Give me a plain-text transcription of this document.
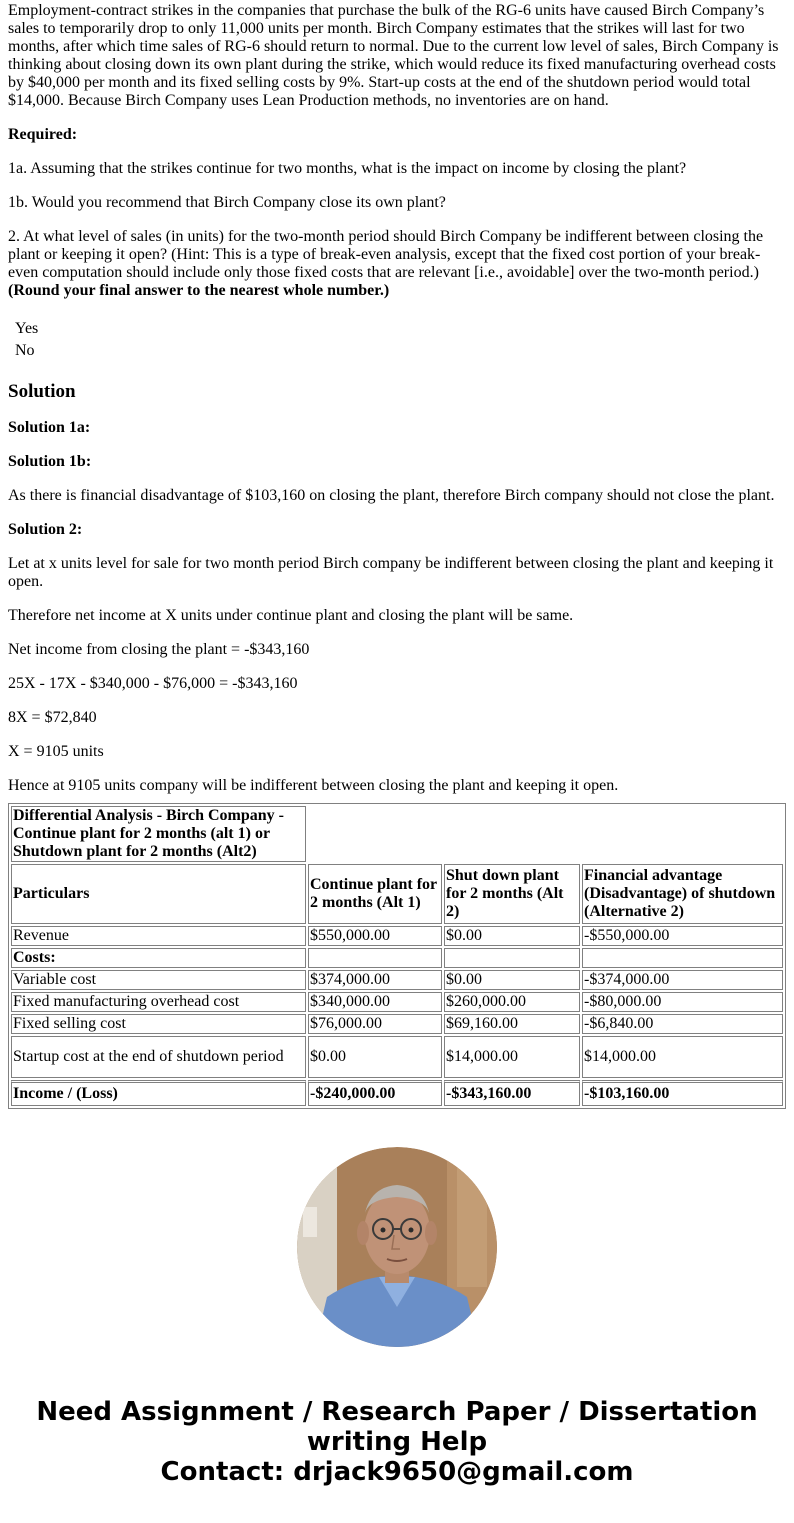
Employment-contract strikes in the companies that purchase the bulk of the RG-6 units have caused Birch Company’s sales to temporarily drop to only 11,000 units per month. Birch Company estimates that the strikes will last for two months, after which time sales of RG-6 should return to normal. Due to the current low level of sales, Birch Company is thinking about closing down its own plant during the strike, which would reduce its fixed manufacturing overhead costs by $40,000 per month and its fixed selling costs by 9%. Start-up costs at the end of the shutdown period would total $14,000. Because Birch Company uses Lean Production methods, no inventories are on hand.

Required:

1a. Assuming that the strikes continue for two months, what is the impact on income by closing the plant?

1b. Would you recommend that Birch Company close its own plant?

2. At what level of sales (in units) for the two-month period should Birch Company be indifferent between closing the plant or keeping it open? (Hint: This is a type of break-even analysis, except that the fixed cost portion of your break-even computation should include only those fixed costs that are relevant [i.e., avoidable] over the two-month period.)

(Round your final answer to the nearest whole number.)

Yes
No
Solution

Solution 1a:

Solution 1b:

As there is financial disadvantage of $103,160 on closing the plant, therefore Birch company should not close the plant.

Solution 2:

Let at x units level for sale for two month period Birch company be indifferent between closing the plant and keeping it open.

Therefore net income at X units under continue plant and closing the plant will be same.

Net income from closing the plant = -$343,160

25X - 17X - $340,000 - $76,000 = -$343,160

8X = $72,840

X = 9105 units

Hence at 9105 units company will be indifferent between closing the plant and keeping it open.

Differential Analysis - Birch Company - Continue plant for 2 months (alt 1) or Shutdown plant for 2 months (Alt2)			
Particulars	Continue plant for 2 months (Alt 1)	Shut down plant for 2 months (Alt 2)	Financial advantage (Disadvantage) of shutdown (Alternative 2)
Revenue	$550,000.00	$0.00	-$550,000.00
Costs:			
Variable cost	$374,000.00	$0.00	-$374,000.00
Fixed manufacturing overhead cost	$340,000.00	$260,000.00	-$80,000.00
Fixed selling cost	$76,000.00	$69,160.00	-$6,840.00
Startup cost at the end of shutdown period	$0.00	$14,000.00	$14,000.00
Income / (Loss)	-$240,000.00	-$343,160.00	-$103,160.00
Need Assignment / Research Paper / Dissertation writing Help
Contact: drjack9650@gmail.com
